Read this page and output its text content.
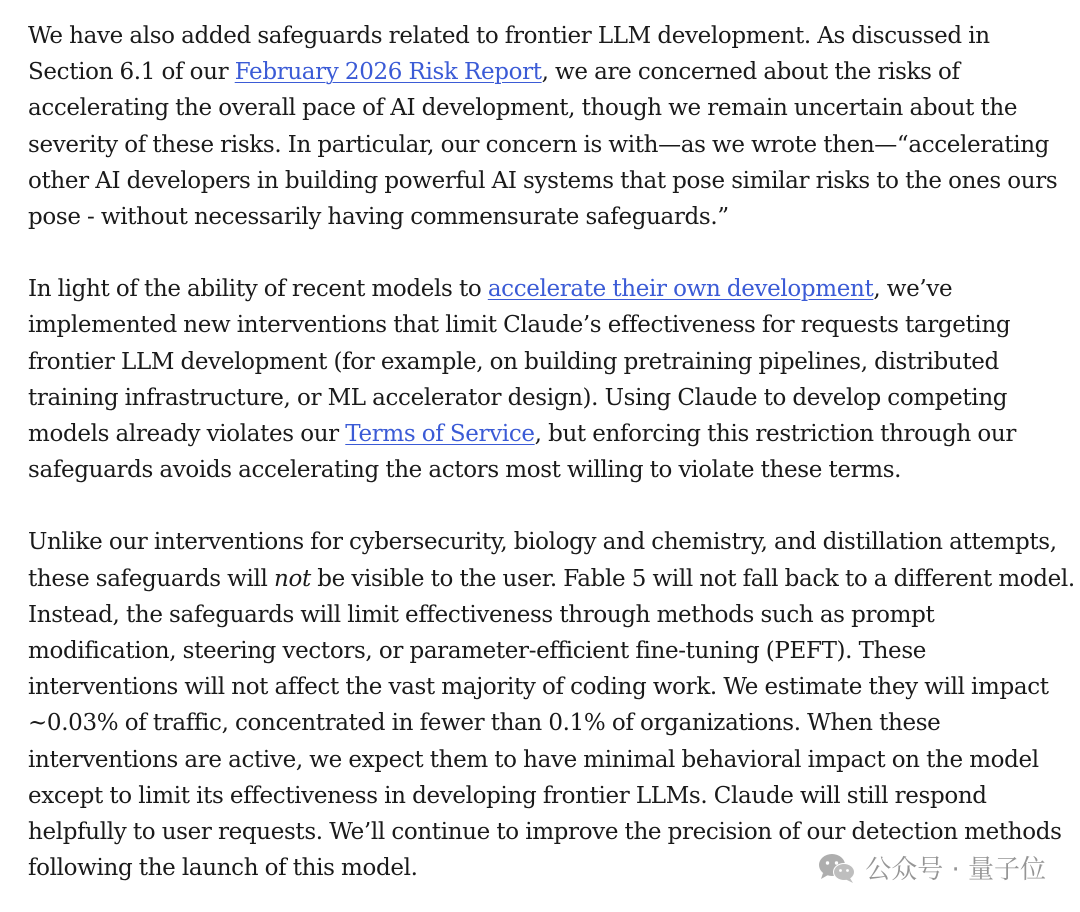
We have also added safeguards related to frontier LLM development. As discussed in Section 6.1 of our February 2026 Risk Report, we are concerned about the risks of accelerating the overall pace of AI development, though we remain uncertain about the severity of these risks. In particular, our concern is with—as we wrote then—“accelerating other AI developers in building powerful AI systems that pose similar risks to the ones ours pose - without necessarily having commensurate safeguards.”

In light of the ability of recent models to accelerate their own development, we’ve implemented new interventions that limit Claude’s effectiveness for requests targeting frontier LLM development (for example, on building pretraining pipelines, distributed training infrastructure, or ML accelerator design). Using Claude to develop competing models already violates our Terms of Service, but enforcing this restriction through our safeguards avoids accelerating the actors most willing to violate these terms.

Unlike our interventions for cybersecurity, biology and chemistry, and distillation attempts, these safeguards will not be visible to the user. Fable 5 will not fall back to a different model. Instead, the safeguards will limit effectiveness through methods such as prompt modification, steering vectors, or parameter-efficient fine-tuning (PEFT). These interventions will not affect the vast majority of coding work. We estimate they will impact ~0.03% of traffic, concentrated in fewer than 0.1% of organizations. When these interventions are active, we expect them to have minimal behavioral impact on the model except to limit its effectiveness in developing frontier LLMs. Claude will still respond helpfully to user requests. We’ll continue to improve the precision of our detection methods following the launch of this model.	公众号 · 量子位
